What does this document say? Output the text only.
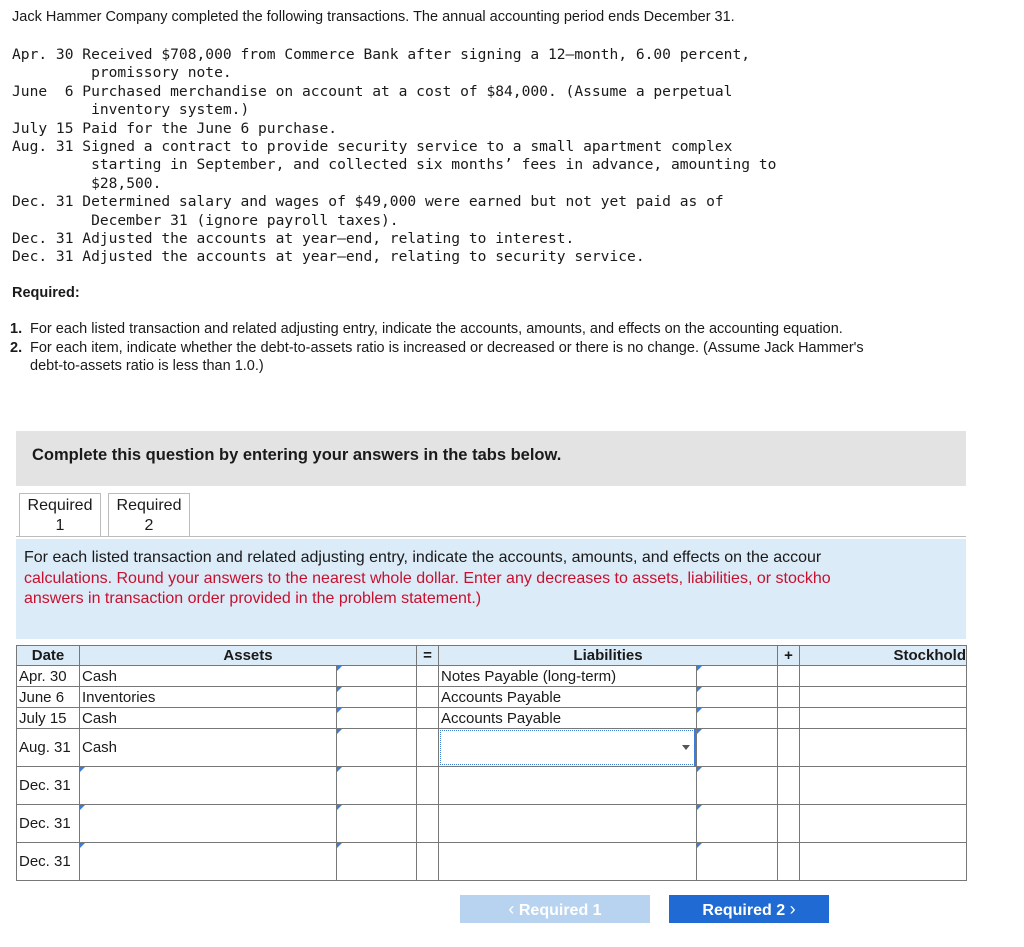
Jack Hammer Company completed the following transactions. The annual accounting period ends December 31.
Apr. 30 Received $708,000 from Commerce Bank after signing a 12–month, 6.00 percent,
promissory note.
June  6 Purchased merchandise on account at a cost of $84,000. (Assume a perpetual
inventory system.)
July 15 Paid for the June 6 purchase.
Aug. 31 Signed a contract to provide security service to a small apartment complex
starting in September, and collected six months’ fees in advance, amounting to
$28,500.
Dec. 31 Determined salary and wages of $49,000 were earned but not yet paid as of
December 31 (ignore payroll taxes).
Dec. 31 Adjusted the accounts at year–end, relating to interest.
Dec. 31 Adjusted the accounts at year–end, relating to security service.
Required:
1. For each listed transaction and related adjusting entry, indicate the accounts, amounts, and effects on the accounting equation.
2. For each item, indicate whether the debt-to-assets ratio is increased or decreased or there is no change. (Assume Jack Hammer's debt-to-assets ratio is less than 1.0.)
Complete this question by entering your answers in the tabs below.
Required
1
Required
2

For each listed transaction and related adjusting entry, indicate the accounts, amounts, and effects on the accour
calculations. Round your answers to the nearest whole dollar. Enter any decreases to assets, liabilities, or stockho
answers in transaction order provided in the problem statement.)

Date	Assets		=	Liabilities		+	Stockhold
Apr. 30	Cash			Notes Payable (long-term)	

June 6	Inventories			Accounts Payable	

July 15	Cash			Accounts Payable	

Aug. 31	Cash	

Dec. 31	

Dec. 31	

Dec. 31	

‹ Required 1	Required 2 ›
